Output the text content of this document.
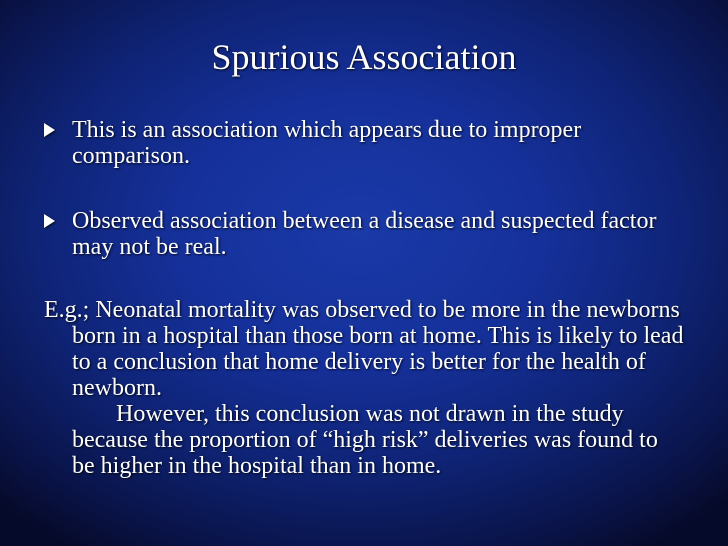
Spurious Association
This is an association which appears due to improper comparison.
Observed association between a disease and suspected factor may not be real.
E.g.; Neonatal mortality was observed to be more in the newborns born in a hospital than those born at home. This is likely to lead to a conclusion that home delivery is better for the health of newborn.
However, this conclusion was not drawn in the study because the proportion of “high risk” deliveries was found to be higher in the hospital than in home.
